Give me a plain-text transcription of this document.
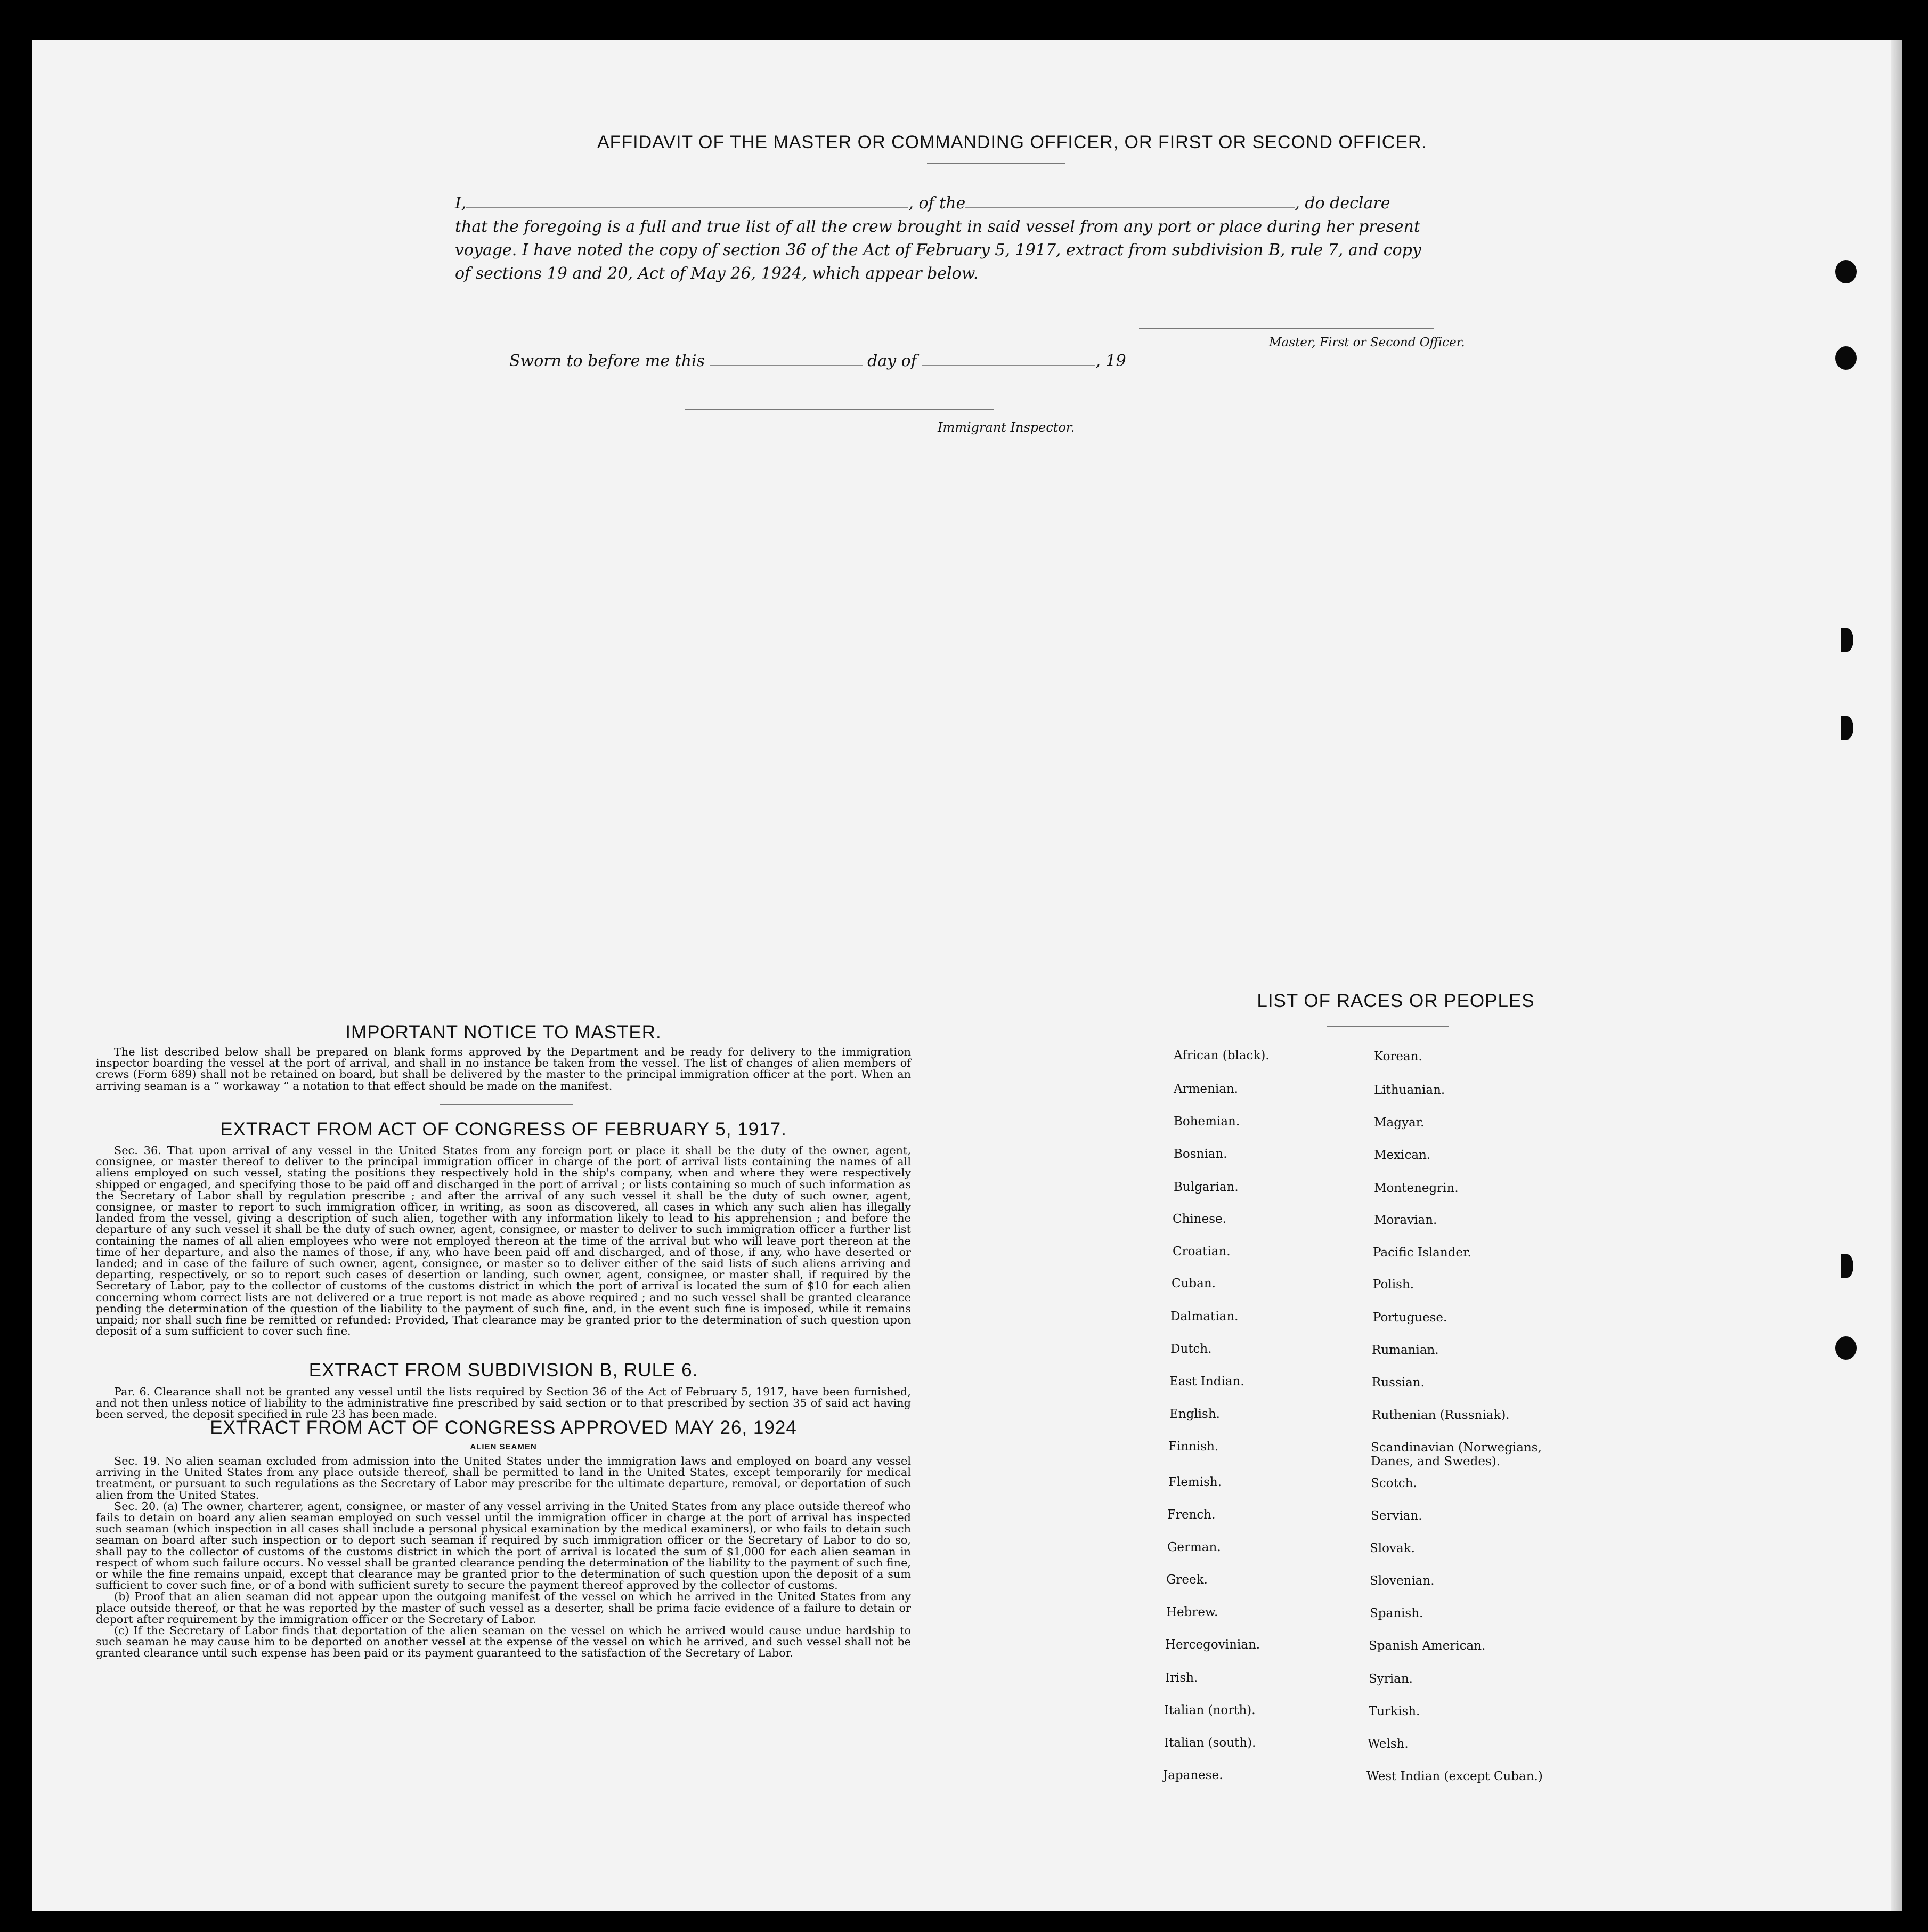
AFFIDAVIT OF THE MASTER OR COMMANDING OFFICER, OR FIRST OR SECOND OFFICER.
I,	, of the	, do declare
that the foregoing is a full and true list of all the crew brought in said vessel from any port or place during her present
voyage. I have noted the copy of section 36 of the Act of February 5, 1917, extract from subdivision B, rule 7, and copy
of sections 19 and 20, Act of May 26, 1924, which appear below.
Master, First or Second Officer.
Sworn to before me this	day of	, 19
Immigrant Inspector.
IMPORTANT NOTICE TO MASTER.

The list described below shall be prepared on blank forms approved by the Department and be ready for delivery to the immigration inspector boarding the vessel at the port of arrival, and shall in no instance be taken from the vessel. The list of changes of alien members of crews (Form 689) shall not be retained on board, but shall be delivered by the master to the principal immigration officer at the port. When an arriving seaman is a “ workaway ” a notation to that effect should be made on the manifest.

EXTRACT FROM ACT OF CONGRESS OF FEBRUARY 5, 1917.

Sec. 36. That upon arrival of any vessel in the United States from any foreign port or place it shall be the duty of the owner, agent, consignee, or master thereof to deliver to the principal immigration officer in charge of the port of arrival lists containing the names of all aliens employed on such vessel, stating the positions they respectively hold in the ship's company, when and where they were respectively shipped or engaged, and specifying those to be paid off and discharged in the port of arrival ; or lists containing so much of such information as the Secretary of Labor shall by regulation prescribe ; and after the arrival of any such vessel it shall be the duty of such owner, agent, consignee, or master to report to such immigration officer, in writing, as soon as discovered, all cases in which any such alien has illegally landed from the vessel, giving a description of such alien, together with any information likely to lead to his apprehension ; and before the departure of any such vessel it shall be the duty of such owner, agent, consignee, or master to deliver to such immigration officer a further list containing the names of all alien employees who were not employed thereon at the time of the arrival but who will leave port thereon at the time of her departure, and also the names of those, if any, who have been paid off and discharged, and of those, if any, who have deserted or landed; and in case of the failure of such owner, agent, consignee, or master so to deliver either of the said lists of such aliens arriving and departing, respectively, or so to report such cases of desertion or landing, such owner, agent, consignee, or master shall, if required by the Secretary of Labor, pay to the collector of customs of the customs district in which the port of arrival is located the sum of $10 for each alien concerning whom correct lists are not delivered or a true report is not made as above required ; and no such vessel shall be granted clearance pending the determination of the question of the liability to the payment of such fine, and, in the event such fine is imposed, while it remains unpaid; nor shall such fine be remitted or refunded: Provided, That clearance may be granted prior to the determination of such question upon deposit of a sum sufficient to cover such fine.

EXTRACT FROM SUBDIVISION B, RULE 6.

Par. 6. Clearance shall not be granted any vessel until the lists required by Section 36 of the Act of February 5, 1917, have been furnished, and not then unless notice of liability to the administrative fine prescribed by said section or to that prescribed by section 35 of said act having been served, the deposit specified in rule 23 has been made.

EXTRACT FROM ACT OF CONGRESS APPROVED MAY 26, 1924
ALIEN SEAMEN

Sec. 19. No alien seaman excluded from admission into the United States under the immigration laws and employed on board any vessel arriving in the United States from any place outside thereof, shall be permitted to land in the United States, except temporarily for medical treatment, or pursuant to such regulations as the Secretary of Labor may prescribe for the ultimate departure, removal, or deportation of such alien from the United States.

Sec. 20. (a) The owner, charterer, agent, consignee, or master of any vessel arriving in the United States from any place outside thereof who fails to detain on board any alien seaman employed on such vessel until the immigration officer in charge at the port of arrival has inspected such seaman (which inspection in all cases shall include a personal physical examination by the medical examiners), or who fails to detain such seaman on board after such inspection or to deport such seaman if required by such immigration officer or the Secretary of Labor to do so, shall pay to the collector of customs of the customs district in which the port of arrival is located the sum of $1,000 for each alien seaman in respect of whom such failure occurs. No vessel shall be granted clearance pending the determination of the liability to the payment of such fine, or while the fine remains unpaid, except that clearance may be granted prior to the determination of such question upon the deposit of a sum sufficient to cover such fine, or of a bond with sufficient surety to secure the payment thereof approved by the collector of customs.

(b) Proof that an alien seaman did not appear upon the outgoing manifest of the vessel on which he arrived in the United States from any place outside thereof, or that he was reported by the master of such vessel as a deserter, shall be prima facie evidence of a failure to detain or deport after requirement by the immigration officer or the Secretary of Labor.

(c) If the Secretary of Labor finds that deportation of the alien seaman on the vessel on which he arrived would cause undue hardship to such seaman he may cause him to be deported on another vessel at the expense of the vessel on which he arrived, and such vessel shall not be granted clearance until such expense has been paid or its payment guaranteed to the satisfaction of the Secretary of Labor.

LIST OF RACES OR PEOPLES
African (black).
Armenian.
Bohemian.
Bosnian.
Bulgarian.
Chinese.
Croatian.
Cuban.
Dalmatian.
Dutch.
East Indian.
English.
Finnish.
Flemish.
French.
German.
Greek.
Hebrew.
Hercegovinian.
Irish.
Italian (north).
Italian (south).
Japanese.
Korean.
Lithuanian.
Magyar.
Mexican.
Montenegrin.
Moravian.
Pacific Islander.
Polish.
Portuguese.
Rumanian.
Russian.
Ruthenian (Russniak).
Scandinavian (Norwegians, Danes, and Swedes).
Scotch.
Servian.
Slovak.
Slovenian.
Spanish.
Spanish American.
Syrian.
Turkish.
Welsh.
West Indian (except Cuban.)
